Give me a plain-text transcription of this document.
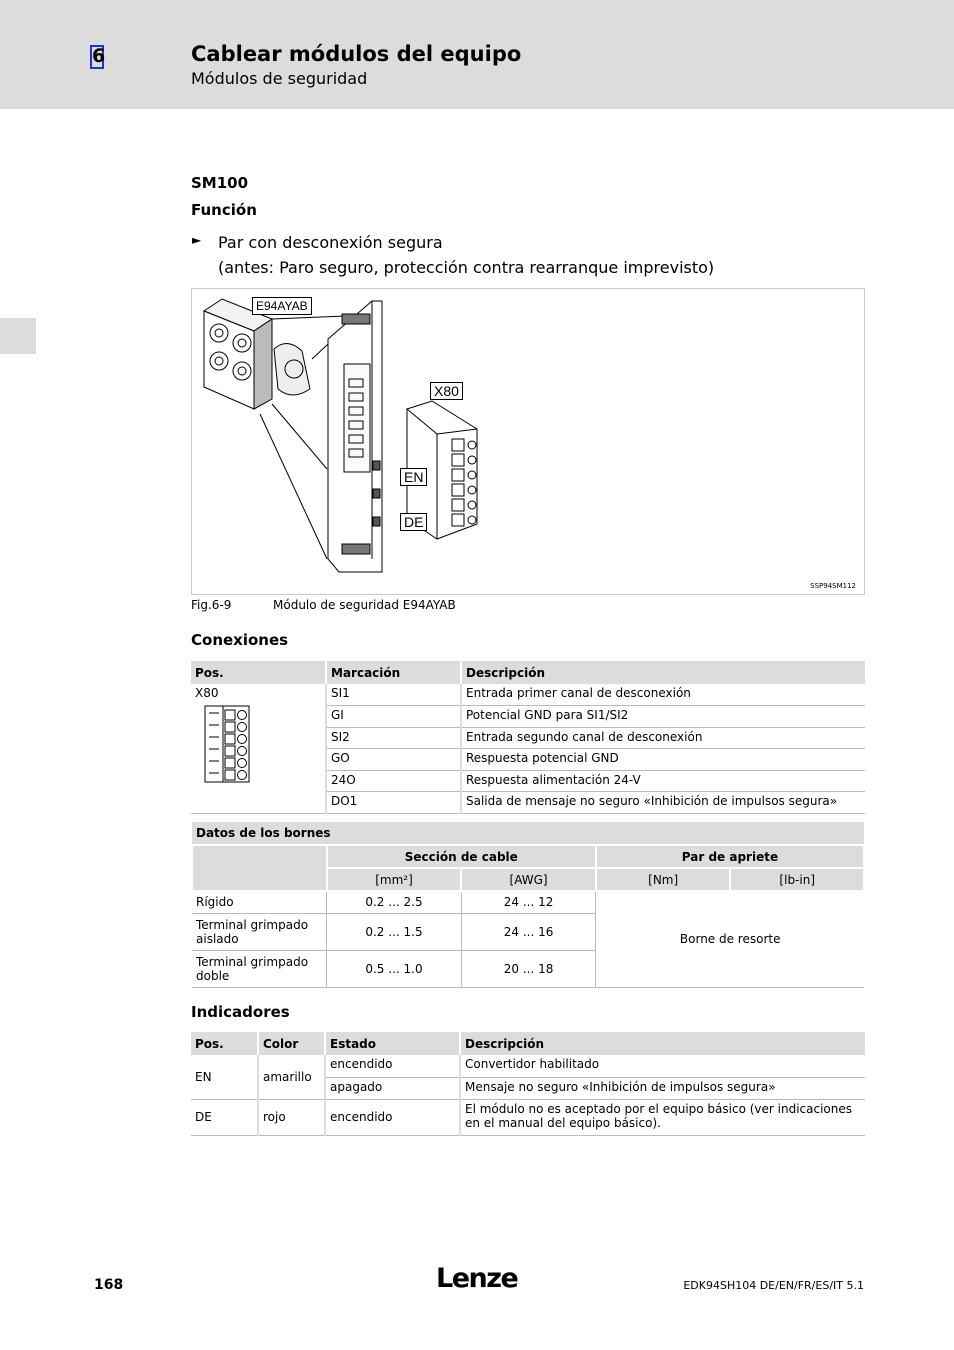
6	Cablear módulos del equipo
Módulos de seguridad
SM100
Función
► Par con desconexión segura
(antes: Paro seguro, protección contra rearranque imprevisto)
E94AYAB
X80
EN
DE
SSP94SM112
Fig.6-9	Módulo de seguridad E94AYAB
Conexiones
Pos.	Marcación	Descripción

X80	SI1	Entrada primer canal de desconexión
	GI	Potencial GND para SI1/SI2
	SI2	Entrada segundo canal de desconexión
	GO	Respuesta potencial GND
	24O	Respuesta alimentación 24-V
	DO1	Salida de mensaje no seguro «Inhibición de impulsos segura»
Datos de los bornes				
	Sección de cable		Par de apriete	
	[mm²]	[AWG]	[Nm]	[lb-in]
Rígido	0.2 ... 2.5	24 ... 12	Borne de resorte	
Terminal grimpado aislado	0.2 ... 1.5	24 ... 16		
Terminal grimpado doble	0.5 ... 1.0	20 ... 18		
Indicadores
Pos.	Color	Estado	Descripción
EN	amarillo	encendido	Convertidor habilitado
		apagado	Mensaje no seguro «Inhibición de impulsos segura»
DE	rojo	encendido	El módulo no es aceptado por el equipo básico (ver indicaciones en el manual del equipo básico).
168	Lenze	EDK94SH104 DE/EN/FR/ES/IT 5.1
